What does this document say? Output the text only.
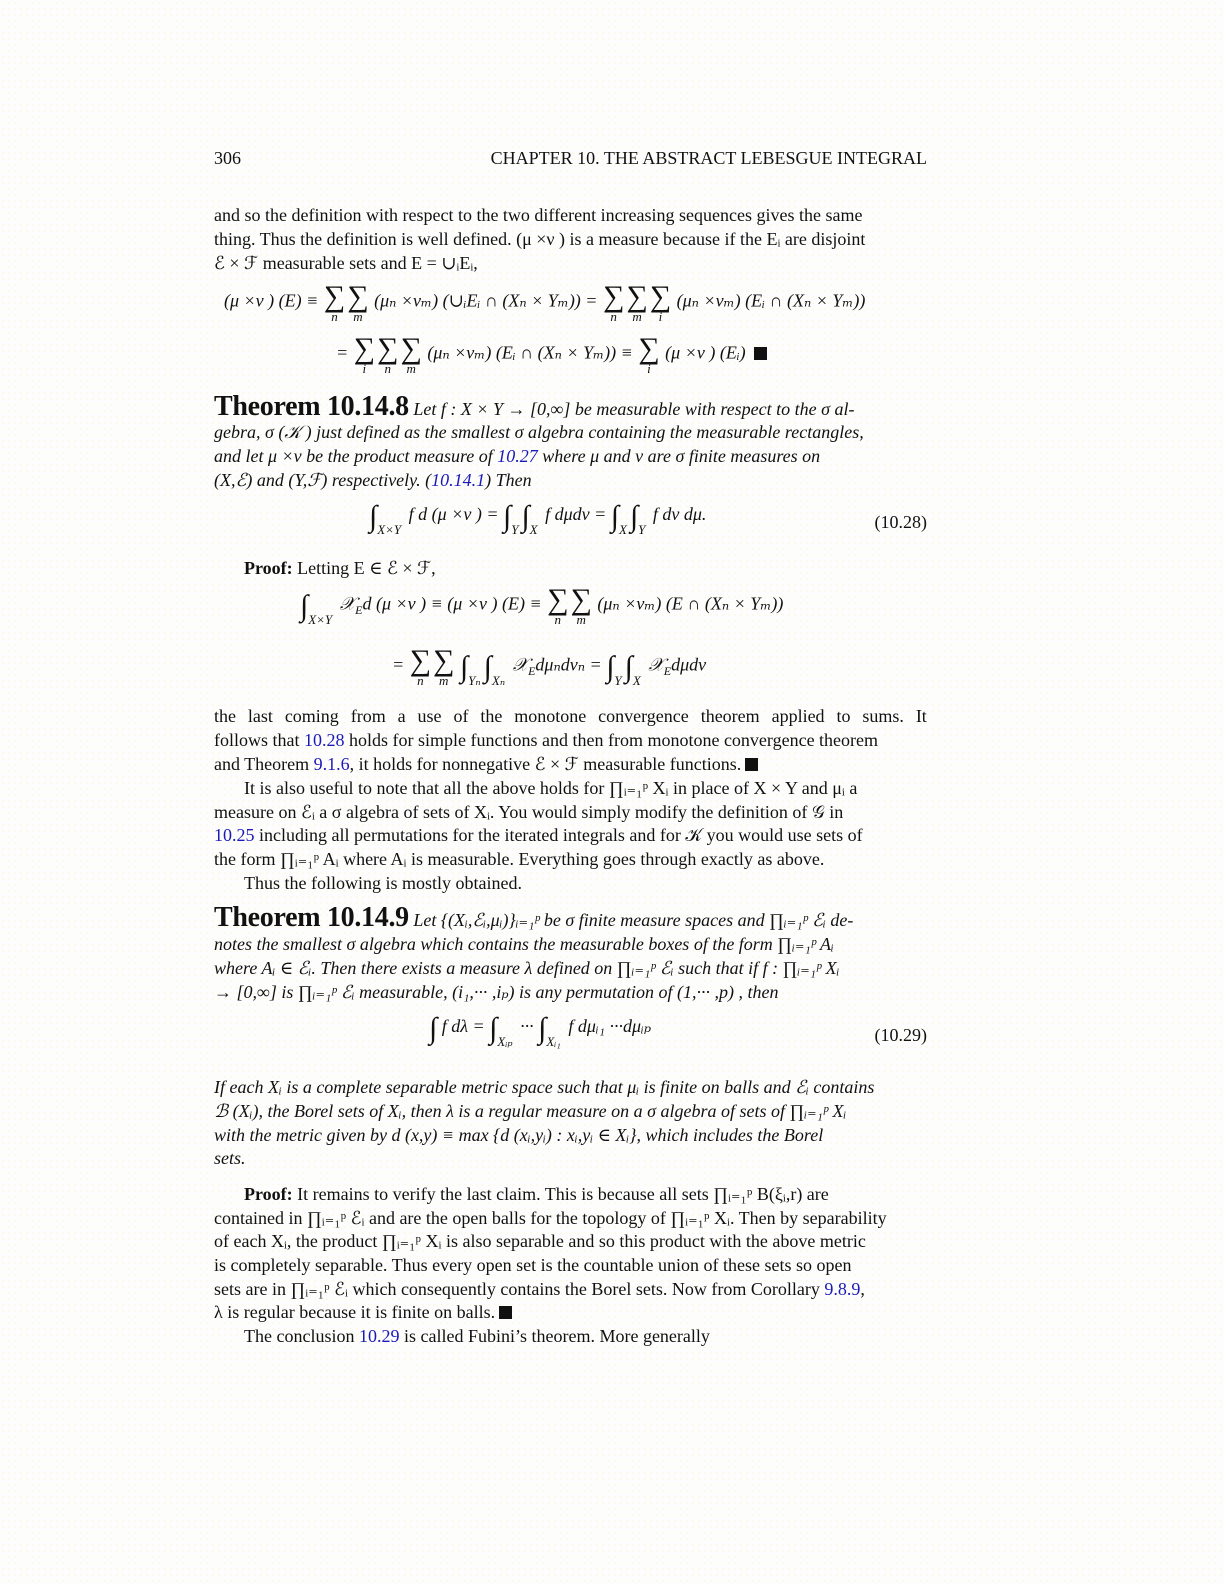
306	CHAPTER 10. THE ABSTRACT LEBESGUE INTEGRAL
and so the definition with respect to the two different increasing sequences gives the same
thing. Thus the definition is well defined. (μ ×ν ) is a measure because if the Eᵢ are disjoint
ℰ × ℱ measurable sets and E = ∪ᵢEᵢ,
(μ ×ν ) (E) ≡ ∑
n
∑
m
(μₙ ×νₘ) (∪ᵢEᵢ ∩ (Xₙ × Yₘ)) = ∑
n
∑
m
∑
i
(μₙ ×νₘ) (Eᵢ ∩ (Xₙ × Yₘ))
= ∑
i
∑
n
∑
m
(μₙ ×νₘ) (Eᵢ ∩ (Xₙ × Yₘ)) ≡ ∑
i
(μ ×ν ) (Eᵢ)
Theorem 10.14.8 Let f : X × Y → [0,∞] be measurable with respect to the σ al-
gebra, σ (𝒦 ) just defined as the smallest σ algebra containing the measurable rectangles,
and let μ ×ν be the product measure of 10.27 where μ and ν are σ finite measures on
(X,ℰ) and (Y,ℱ) respectively. (10.14.1) Then
$\int_{X\times Y}$ f d (μ ×ν ) = $\int_Y$ $\int_X$ f $d\mu d\nu = \int_X$ $\int_Y$ f dν dμ.	(10.28)
Proof: Letting E ∈ ℰ × ℱ,
$\int_{X\times Y}$ 𝒳$_E$d (μ ×ν ) ≡ (μ ×ν ) (E) ≡ ∑
n
∑
m
(μₙ ×νₘ) (E ∩ (Xₙ × Yₘ))
= ∑
n
∑
m $\int_{Y_n}$ $\int_{X_n}$ 𝒳$_E$dμₙdνₙ = $\int_Y$ $\int_X$ 𝒳$_E$dμdν
the last coming from a use of the monotone convergence theorem applied to sums. It
follows that 10.28 holds for simple functions and then from monotone convergence theorem
and Theorem 9.1.6, it holds for nonnegative ℰ × ℱ measurable functions.
It is also useful to note that all the above holds for ∏ᵢ₌₁ᵖ Xᵢ in place of X × Y and μᵢ a
measure on ℰᵢ a σ algebra of sets of Xᵢ. You would simply modify the definition of 𝒢 in
10.25 including all permutations for the iterated integrals and for 𝒦 you would use sets of
the form ∏ᵢ₌₁ᵖ Aᵢ where Aᵢ is measurable. Everything goes through exactly as above.
Thus the following is mostly obtained.
Theorem 10.14.9 Let {(Xᵢ,ℰᵢ,μᵢ)}ᵢ₌₁ᵖ be σ finite measure spaces and ∏ᵢ₌₁ᵖ ℰᵢ de-
notes the smallest σ algebra which contains the measurable boxes of the form ∏ᵢ₌₁ᵖ Aᵢ
where Aᵢ ∈ ℰᵢ. Then there exists a measure λ defined on ∏ᵢ₌₁ᵖ ℰᵢ such that if f : ∏ᵢ₌₁ᵖ Xᵢ
→ [0,∞] is ∏ᵢ₌₁ᵖ ℰᵢ measurable, (i₁,··· ,iₚ) is any permutation of (1,··· ,p) , then
∫ f $d\lambda = \int_{Xᵢ_p}$ ··· $\int_{Xᵢ_1}$ f dμᵢ₁ ···dμᵢₚ	(10.29)
If each Xᵢ is a complete separable metric space such that μᵢ is finite on balls and ℰᵢ contains
ℬ (Xᵢ), the Borel sets of Xᵢ, then λ is a regular measure on a σ algebra of sets of ∏ᵢ₌₁ᵖ Xᵢ
with the metric given by d (x,y) ≡ max {d (xᵢ,yᵢ) : xᵢ,yᵢ ∈ Xᵢ}, which includes the Borel
sets.
Proof: It remains to verify the last claim. This is because all sets ∏ᵢ₌₁ᵖ B(ξᵢ,r) are
contained in ∏ᵢ₌₁ᵖ ℰᵢ and are the open balls for the topology of ∏ᵢ₌₁ᵖ Xᵢ. Then by separability
of each Xᵢ, the product ∏ᵢ₌₁ᵖ Xᵢ is also separable and so this product with the above metric
is completely separable. Thus every open set is the countable union of these sets so open
sets are in ∏ᵢ₌₁ᵖ ℰᵢ which consequently contains the Borel sets. Now from Corollary 9.8.9,
λ is regular because it is finite on balls.
The conclusion 10.29 is called Fubini’s theorem. More generally
